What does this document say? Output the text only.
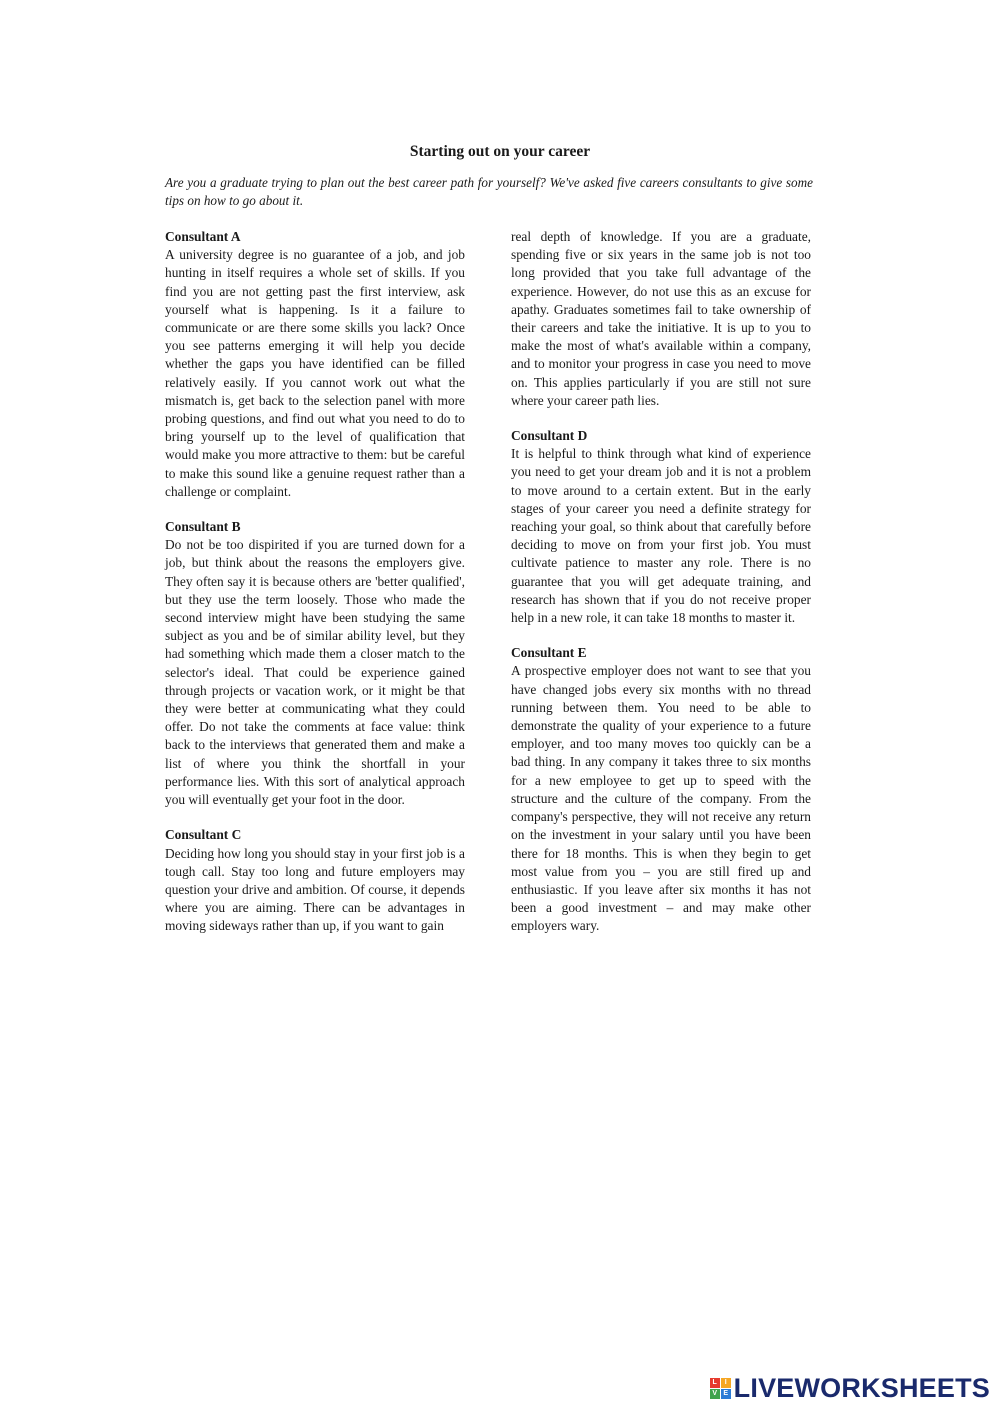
Starting out on your career
Are you a graduate trying to plan out the best career path for yourself? We've asked five careers consultants to give some tips on how to go about it.
Consultant A
A university degree is no guarantee of a job, and job hunting in itself requires a whole set of skills. If you find you are not getting past the first interview, ask yourself what is happening. Is it a failure to communicate or are there some skills you lack? Once you see patterns emerging it will help you decide whether the gaps you have identified can be filled relatively easily. If you cannot work out what the mismatch is, get back to the selection panel with more probing questions, and find out what you need to do to bring yourself up to the level of qualification that would make you more attractive to them: but be careful to make this sound like a genuine request rather than a challenge or complaint.
Consultant B
Do not be too dispirited if you are turned down for a job, but think about the reasons the employers give. They often say it is because others are 'better qualified', but they use the term loosely. Those who made the second interview might have been studying the same subject as you and be of similar ability level, but they had something which made them a closer match to the selector's ideal. That could be experience gained through projects or vacation work, or it might be that they were better at communicating what they could offer. Do not take the comments at face value: think back to the interviews that generated them and make a list of where you think the shortfall in your performance lies. With this sort of analytical approach you will eventually get your foot in the door.
Consultant C
Deciding how long you should stay in your first job is a tough call. Stay too long and future employers may question your drive and ambition. Of course, it depends where you are aiming. There can be advantages in moving sideways rather than up, if you want to gain
real depth of knowledge. If you are a graduate, spending five or six years in the same job is not too long provided that you take full advantage of the experience. However, do not use this as an excuse for apathy. Graduates sometimes fail to take ownership of their careers and take the initiative. It is up to you to make the most of what's available within a company, and to monitor your progress in case you need to move on. This applies particularly if you are still not sure where your career path lies.
Consultant D
It is helpful to think through what kind of experience you need to get your dream job and it is not a problem to move around to a certain extent. But in the early stages of your career you need a definite strategy for reaching your goal, so think about that carefully before deciding to move on from your first job. You must cultivate patience to master any role. There is no guarantee that you will get adequate training, and research has shown that if you do not receive proper help in a new role, it can take 18 months to master it.
Consultant E
A prospective employer does not want to see that you have changed jobs every six months with no thread running between them. You need to be able to demonstrate the quality of your experience to a future employer, and too many moves too quickly can be a bad thing. In any company it takes three to six months for a new employee to get up to speed with the structure and the culture of the company. From the company's perspective, they will not receive any return on the investment in your salary until you have been there for 18 months. This is when they begin to get most value from you – you are still fired up and enthusiastic. If you leave after six months it has not been a good investment – and may make other employers wary.
L	I
V E LIVEWORKSHEETS
